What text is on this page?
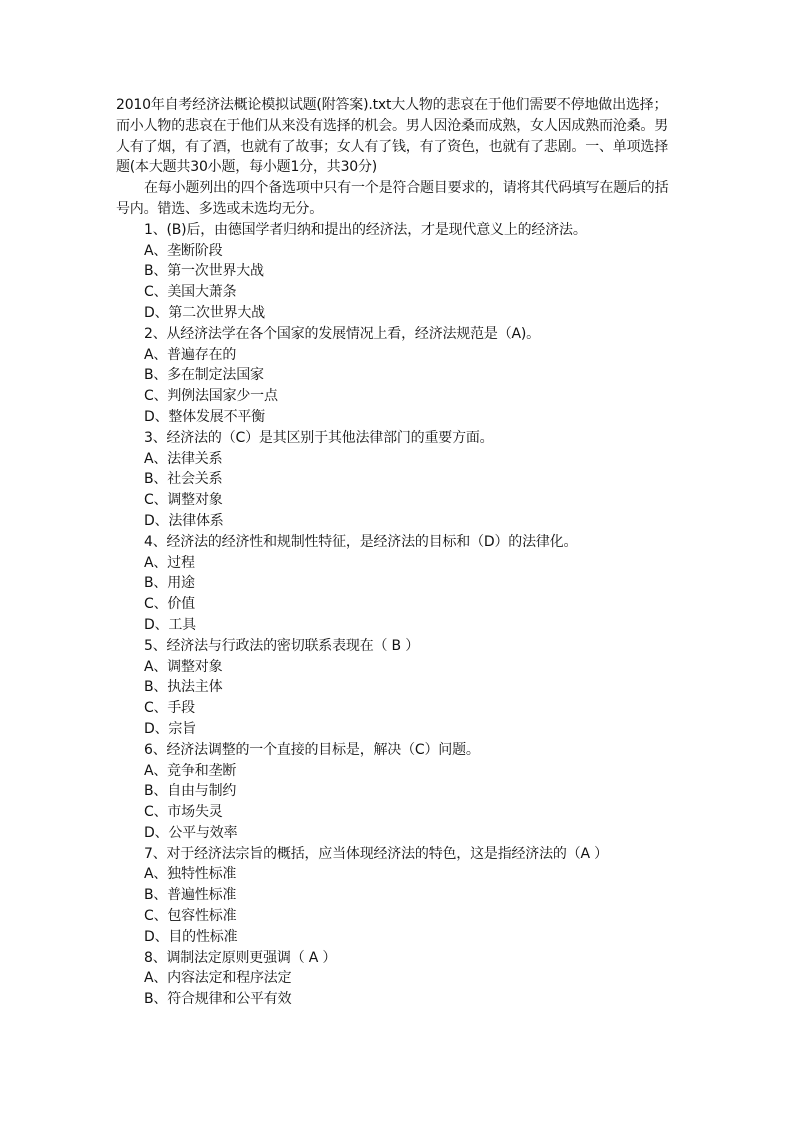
2010年自考经济法概论模拟试题(附答案).txt大人物的悲哀在于他们需要不停地做出选择；而小人物的悲哀在于他们从来没有选择的机会。男人因沧桑而成熟，女人因成熟而沧桑。男人有了烟，有了酒，也就有了故事；女人有了钱，有了资色，也就有了悲剧。一、单项选择题(本大题共30小题，每小题1分，共30分)

在每小题列出的四个备选项中只有一个是符合题目要求的，请将其代码填写在题后的括号内。错选、多选或未选均无分。

1、(B)后，由德国学者归纳和提出的经济法，才是现代意义上的经济法。

A、垄断阶段

B、第一次世界大战

C、美国大萧条

D、第二次世界大战

2、从经济法学在各个国家的发展情况上看，经济法规范是（A)。

A、普遍存在的

B、多在制定法国家

C、判例法国家少一点

D、整体发展不平衡

3、经济法的（C）是其区别于其他法律部门的重要方面。

A、法律关系

B、社会关系

C、调整对象

D、法律体系

4、经济法的经济性和规制性特征，是经济法的目标和（D）的法律化。

A、过程

B、用途

C、价值

D、工具

5、经济法与行政法的密切联系表现在（ B ）

A、调整对象

B、执法主体

C、手段

D、宗旨

6、经济法调整的一个直接的目标是，解决（C）问题。

A、竞争和垄断

B、自由与制约

C、市场失灵

D、公平与效率

7、对于经济法宗旨的概括，应当体现经济法的特色，这是指经济法的（A ）

A、独特性标准

B、普遍性标准

C、包容性标准

D、目的性标准

8、调制法定原则更强调（ A ）

A、内容法定和程序法定

B、符合规律和公平有效
